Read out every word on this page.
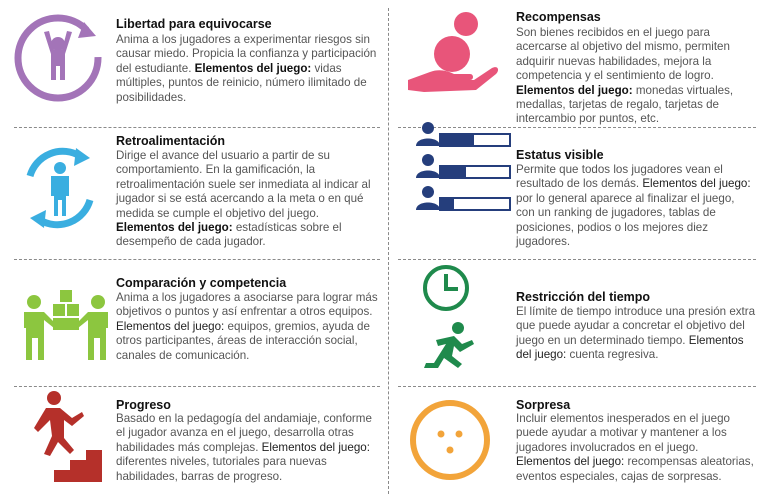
Libertad para equivocarse
Anima a los jugadores a experimentar riesgos sin causar miedo. Propicia la confianza y participación del estudiante. Elementos del juego: vidas múltiples, puntos de reinicio, número ilimitado de posibilidades.
Recompensas
Son bienes recibidos en el juego para acercarse al objetivo del mismo, permiten adquirir nuevas habilidades, mejora la competencia y el sentimiento de logro. Elementos del juego: monedas virtuales, medallas, tarjetas de regalo, tarjetas de intercambio por puntos, etc.
Retroalimentación
Dirige el avance del usuario a partir de su comportamiento. En la gamificación, la retroalimentación suele ser inmediata al indicar al jugador si se está acercando a la meta o en qué medida se cumple el objetivo del juego. Elementos del juego: estadísticas sobre el desempeño de cada jugador.
Estatus visible
Permite que todos los jugadores vean el resultado de los demás. Elementos del juego: por lo general aparece al finalizar el juego, con un ranking de jugadores, tablas de posiciones, podios o los mejores diez jugadores.
Comparación y competencia
Anima a los jugadores a asociarse para lograr más objetivos o puntos y así enfrentar a otros equipos. Elementos del juego: equipos, gremios, ayuda de otros participantes, áreas de interacción social, canales de comunicación.
Restricción del tiempo
El límite de tiempo introduce una presión extra que puede ayudar a concretar el objetivo del juego en un determinado tiempo. Elementos del juego: cuenta regresiva.
Progreso
Basado en la pedagogía del andamiaje, conforme el jugador avanza en el juego, desarrolla otras habilidades más complejas. Elementos del juego: diferentes niveles, tutoriales para nuevas habilidades, barras de progreso.
Sorpresa
Incluir elementos inesperados en el juego puede ayudar a motivar y mantener a los jugadores involucrados en el juego. Elementos del juego: recompensas aleatorias, eventos especiales, cajas de sorpresas.
